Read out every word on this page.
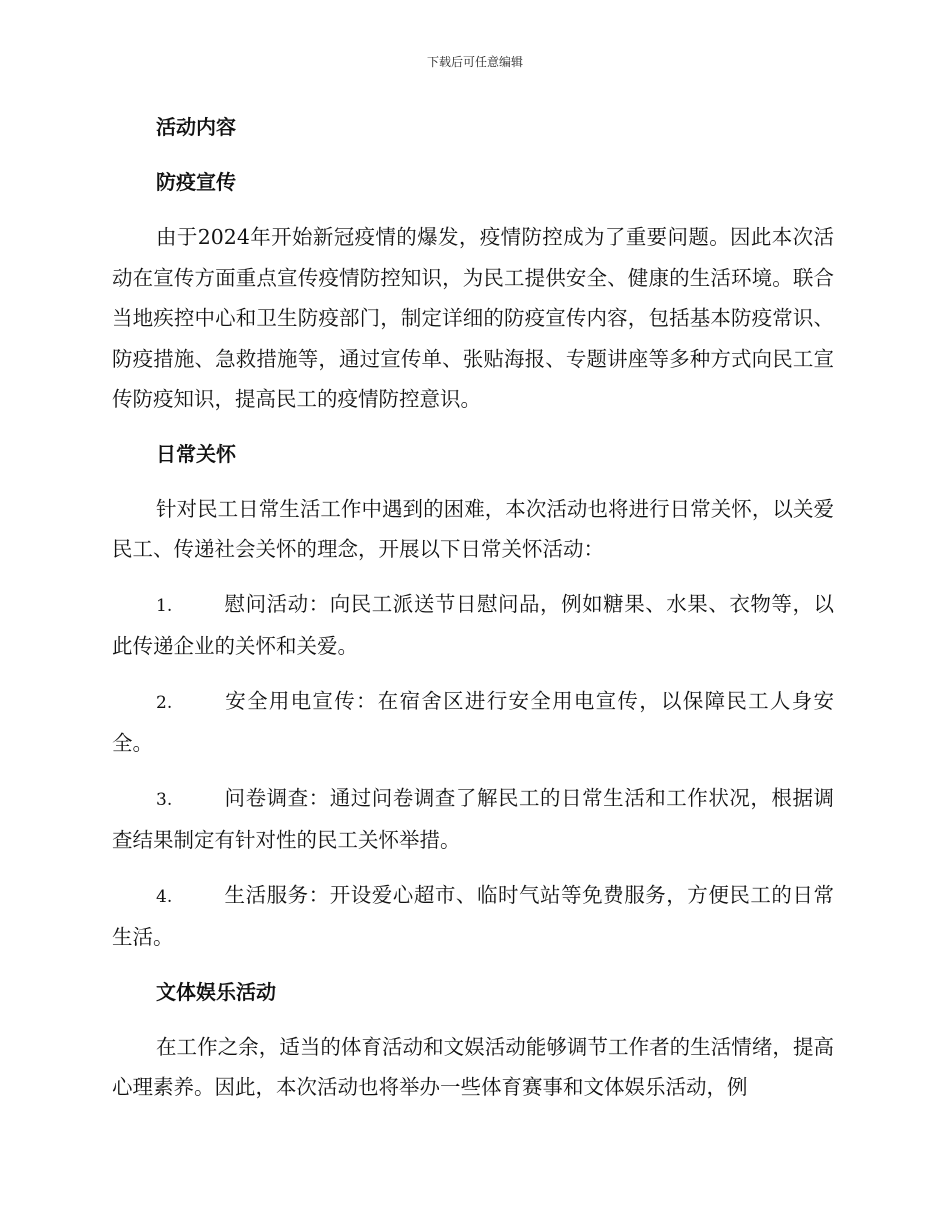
下载后可任意编辑
活动内容
防疫宣传

由于2024年开始新冠疫情的爆发，疫情防控成为了重要问题。因此本次活动在宣传方面重点宣传疫情防控知识，为民工提供安全、健康的生活环境。联合当地疾控中心和卫生防疫部门，制定详细的防疫宣传内容，包括基本防疫常识、防疫措施、急救措施等，通过宣传单、张贴海报、专题讲座等多种方式向民工宣传防疫知识，提高民工的疫情防控意识。

日常关怀

针对民工日常生活工作中遇到的困难，本次活动也将进行日常关怀，以关爱民工、传递社会关怀的理念，开展以下日常关怀活动：

1.	慰问活动：向民工派送节日慰问品，例如糖果、水果、衣物等，以此传递企业的关怀和关爱。

2.	安全用电宣传：在宿舍区进行安全用电宣传，以保障民工人身安全。

3.	问卷调查：通过问卷调查了解民工的日常生活和工作状况，根据调查结果制定有针对性的民工关怀举措。

4.	生活服务：开设爱心超市、临时气站等免费服务，方便民工的日常生活。

文体娱乐活动

在工作之余，适当的体育活动和文娱活动能够调节工作者的生活情绪，提高心理素养。因此，本次活动也将举办一些体育赛事和文体娱乐活动，例
